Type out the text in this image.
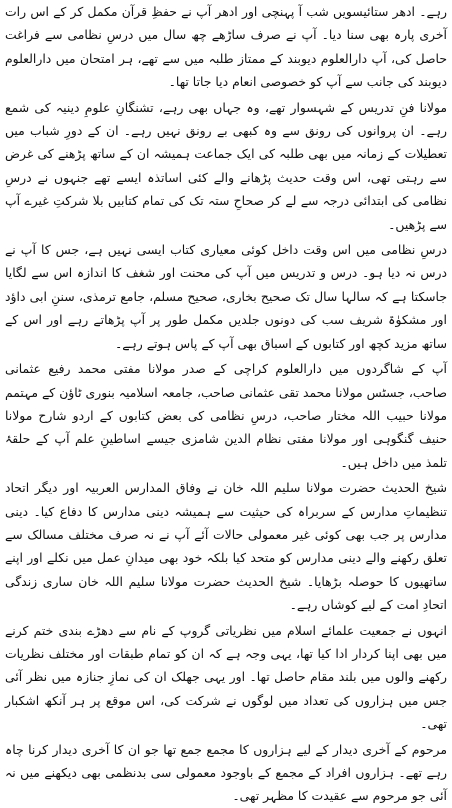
رہے۔ ادھر ستائیسویں شب آ پہنچی اور ادھر آپ نے حفظِ قرآن مکمل کر کے اس رات آخری پارہ بھی سنا دیا۔ آپ نے صرف ساڑھے چھ سال میں درسِ نظامی سے فراغت حاصل کی، آپ دارالعلوم دیوبند کے ممتاز طلبہ میں سے تھے، ہر امتحان میں دارالعلوم دیوبند کی جانب سے آپ کو خصوصی انعام دیا جاتا تھا۔

مولانا فنِ تدریس کے شہسوار تھے، وہ جہاں بھی رہے، تشنگانِ علومِ دینیہ کی شمع رہے۔ ان پروانوں کی رونق سے وہ کبھی بے رونق نہیں رہے۔ ان کے دورِ شباب میں تعطیلات کے زمانہ میں بھی طلبہ کی ایک جماعت ہمیشہ ان کے ساتھ پڑھنے کی غرض سے رہتی تھی، اس وقت حدیث پڑھانے والے کئی اساتذہ ایسے تھے جنہوں نے درسِ نظامی کی ابتدائی درجہ سے لے کر صحاحِ ستہ تک کی تمام کتابیں بلا شرکتِ غیرے آپ سے پڑھیں۔

درسِ نظامی میں اس وقت داخل کوئی معیاری کتاب ایسی نہیں ہے، جس کا آپ نے درس نہ دیا ہو۔ درس و تدریس میں آپ کی محنت اور شغف کا اندازہ اس سے لگایا جاسکتا ہے کہ سالہا سال تک صحیح بخاری، صحیح مسلم، جامع ترمذی، سننِ ابی داؤد اور مشکوٰۃ شریف سب کی دونوں جلدیں مکمل طور پر آپ پڑھاتے رہے اور اس کے ساتھ مزید کچھ اور کتابوں کے اسباق بھی آپ کے پاس ہوتے رہے۔

آپ کے شاگردوں میں دارالعلوم کراچی کے صدر مولانا مفتی محمد رفیع عثمانی صاحب، جسٹس مولانا محمد تقی عثمانی صاحب، جامعہ اسلامیہ بنوری ٹاؤن کے مہتمم مولانا حبیب اللہ مختار صاحب، درسِ نظامی کی بعض کتابوں کے اردو شارح مولانا حنیف گنگوہی اور مولانا مفتی نظام الدین شامزی جیسے اساطینِ علم آپ کے حلقۂ تلمذ میں داخل ہیں۔

شیخ الحدیث حضرت مولانا سلیم اللہ خان نے وفاق المدارس العربیہ اور دیگر اتحاد تنظیماتِ مدارس کے سربراہ کی حیثیت سے ہمیشہ دینی مدارس کا دفاع کیا۔ دینی مدارس پر جب بھی کوئی غیر معمولی حالات آئے آپ نے نہ صرف مختلف مسالک سے تعلق رکھنے والے دینی مدارس کو متحد کیا بلکہ خود بھی میدانِ عمل میں نکلے اور اپنے ساتھیوں کا حوصلہ بڑھایا۔ شیخ الحدیث حضرت مولانا سلیم اللہ خان ساری زندگی اتحادِ امت کے لیے کوشاں رہے۔

انہوں نے جمعیت علمائے اسلام میں نظریاتی گروپ کے نام سے دھڑے بندی ختم کرنے میں بھی اپنا کردار ادا کیا تھا، یہی وجہ ہے کہ ان کو تمام طبقات اور مختلف نظریات رکھنے والوں میں بلند مقام حاصل تھا۔ اور یہی جھلک ان کی نمازِ جنازہ میں نظر آئی جس میں ہزاروں کی تعداد میں لوگوں نے شرکت کی، اس موقع پر ہر آنکھ اشکبار تھی۔

مرحوم کے آخری دیدار کے لیے ہزاروں کا مجمع جمع تھا جو ان کا آخری دیدار کرنا چاہ رہے تھے۔ ہزاروں افراد کے مجمع کے باوجود معمولی سی بدنظمی بھی دیکھنے میں نہ آئی جو مرحوم سے عقیدت کا مظہر تھی۔
